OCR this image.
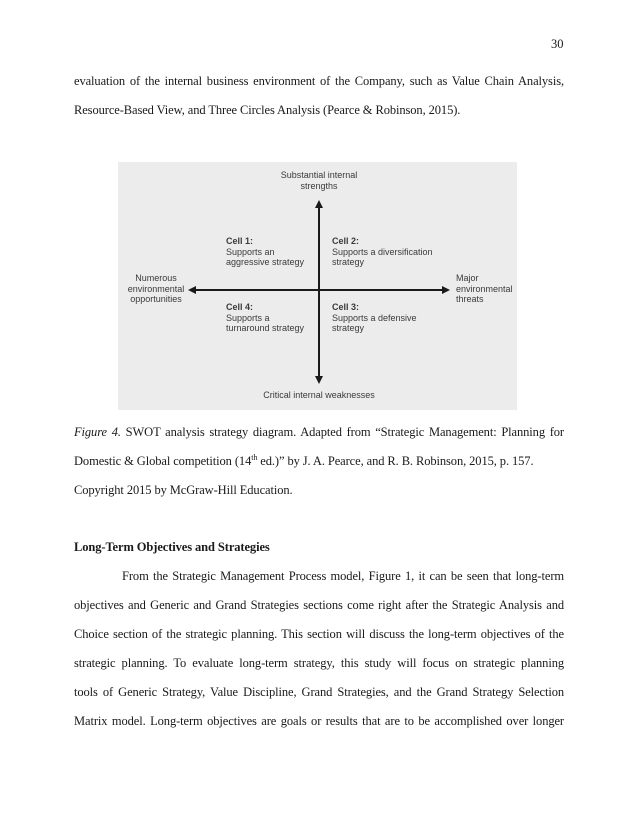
30
evaluation of the internal business environment of the Company, such as Value Chain Analysis,
Resource-Based View, and Three Circles Analysis (Pearce & Robinson, 2015).
Substantial internal
strengths
Critical internal weaknesses
Numerous
environmental
opportunities
Major
environmental
threats
Cell 1:
Supports an
aggressive strategy
Cell 2:
Supports a diversification
strategy
Cell 3:
Supports a defensive
strategy
Cell 4:
Supports a
turnaround strategy
Figure 4. SWOT analysis strategy diagram. Adapted from “Strategic Management: Planning for
Domestic & Global competition (14th ed.)” by J. A. Pearce, and R. B. Robinson, 2015, p. 157.
Copyright 2015 by McGraw-Hill Education.
Long-Term Objectives and Strategies
From the Strategic Management Process model, Figure 1, it can be seen that long-term
objectives and Generic and Grand Strategies sections come right after the Strategic Analysis and
Choice section of the strategic planning. This section will discuss the long-term objectives of the
strategic planning. To evaluate long-term strategy, this study will focus on strategic planning
tools of Generic Strategy, Value Discipline, Grand Strategies, and the Grand Strategy Selection
Matrix model. Long-term objectives are goals or results that are to be accomplished over longer
